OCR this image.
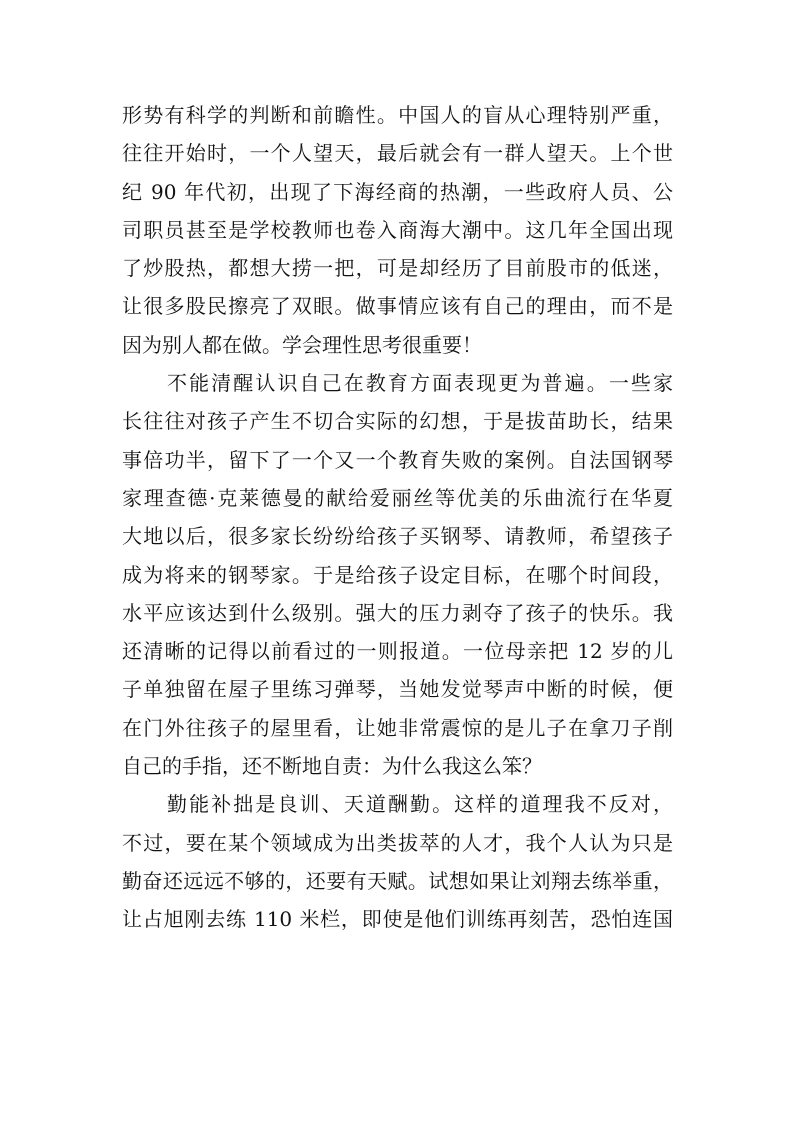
形势有科学的判断和前瞻性。中国人的盲从心理特别严重，
往往开始时，一个人望天，最后就会有一群人望天。上个世
纪 90 年代初，出现了下海经商的热潮，一些政府人员、公
司职员甚至是学校教师也卷入商海大潮中。这几年全国出现
了炒股热，都想大捞一把，可是却经历了目前股市的低迷，
让很多股民擦亮了双眼。做事情应该有自己的理由，而不是
因为别人都在做。学会理性思考很重要！
不能清醒认识自己在教育方面表现更为普遍。一些家
长往往对孩子产生不切合实际的幻想，于是拔苗助长，结果
事倍功半，留下了一个又一个教育失败的案例。自法国钢琴
家理查德·克莱德曼的献给爱丽丝等优美的乐曲流行在华夏
大地以后，很多家长纷纷给孩子买钢琴、请教师，希望孩子
成为将来的钢琴家。于是给孩子设定目标，在哪个时间段，
水平应该达到什么级别。强大的压力剥夺了孩子的快乐。我
还清晰的记得以前看过的一则报道。一位母亲把 12 岁的儿
子单独留在屋子里练习弹琴，当她发觉琴声中断的时候，便
在门外往孩子的屋里看，让她非常震惊的是儿子在拿刀子削
自己的手指，还不断地自责：为什么我这么笨？
勤能补拙是良训、天道酬勤。这样的道理我不反对，
不过，要在某个领域成为出类拔萃的人才，我个人认为只是
勤奋还远远不够的，还要有天赋。试想如果让刘翔去练举重，
让占旭刚去练 110 米栏，即使是他们训练再刻苦，恐怕连国
